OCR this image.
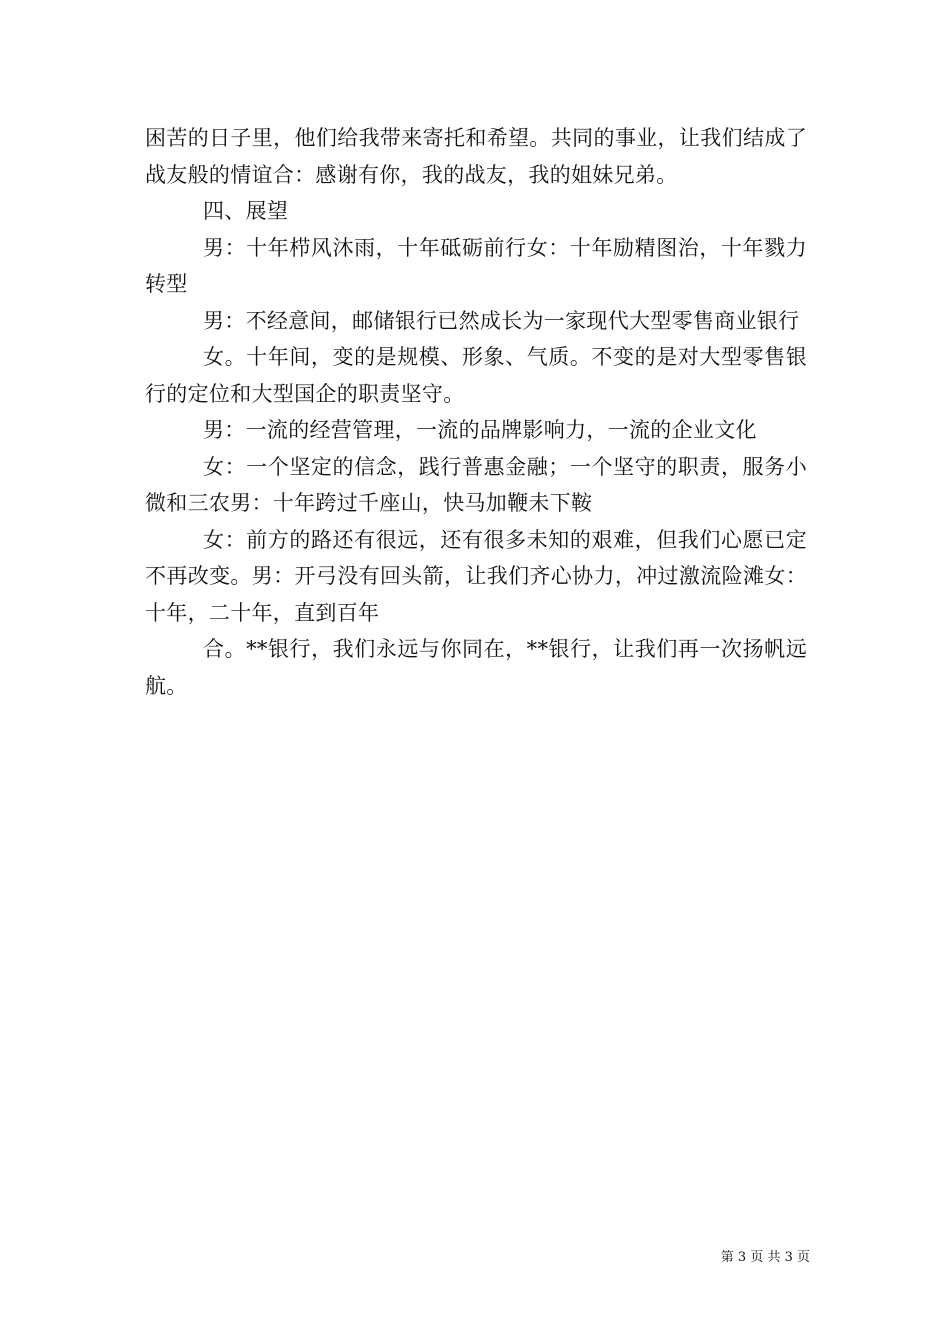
困苦的日子里，他们给我带来寄托和希望。共同的事业，让我们结成了战友般的情谊合：感谢有你，我的战友，我的姐妹兄弟。

四、展望

男：十年栉风沐雨，十年砥砺前行女：十年励精图治，十年戮力转型

男：不经意间，邮储银行已然成长为一家现代大型零售商业银行

女。十年间，变的是规模、形象、气质。不变的是对大型零售银行的定位和大型国企的职责坚守。

男：一流的经营管理，一流的品牌影响力，一流的企业文化

女：一个坚定的信念，践行普惠金融；一个坚守的职责，服务小微和三农男：十年跨过千座山，快马加鞭未下鞍

女：前方的路还有很远，还有很多未知的艰难，但我们心愿已定不再改变。男：开弓没有回头箭，让我们齐心协力，冲过激流险滩女：十年，二十年，直到百年

合。**银行，我们永远与你同在，**银行，让我们再一次扬帆远航。

第 3 页 共 3 页
